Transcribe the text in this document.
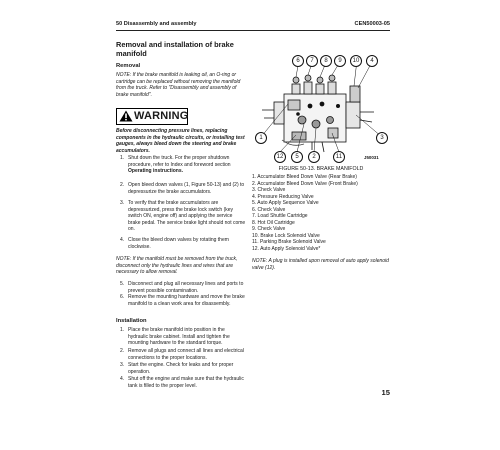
50 Disassembly and assembly	CEN50003-05

Removal and installation of brake manifold

Removal

NOTE: If the brake manifold is leaking oil, an O-ring or cartridge can be replaced without removing the manifold from the truck. Refer to "Disassembly and assembly of brake manifold".

WARNING

Before disconnecting pressure lines, replacing components in the hydraulic circuits, or installing test gauges, always bleed down the steering and brake accumulators.

1. Shut down the truck. For the proper shutdown procedure, refer to Index and foreword section
Operating instructions.
2. Open bleed down valves (1, Figure 50-13) and (2) to depressurize the brake accumulators.
3. To verify that the brake accumulators are depressurized, press the brake lock switch (key switch ON, engine off) and applying the service brake pedal. The service brake light should not come on.
4. Close the bleed down valves by rotating them clockwise.

NOTE: If the manifold must be removed from the truck, disconnect only the hydraulic lines and wires that are necessary to allow removal.

5. Disconnect and plug all necessary lines and ports to prevent possible contamination.
6. Remove the mounting hardware and move the brake manifold to a clean work area for disassembly.

Installation

1. Place the brake manifold into position in the hydraulic brake cabinet. Install and tighten the mounting hardware to the standard torque.
2. Remove all plugs and connect all lines and electrical connections to the proper locations.
3. Start the engine. Check for leaks and for proper operation.
4. Shut off the engine and make sure that the hydraulic tank is filled to the proper level.
6	7	8	9	10	4
1	3
12	5	2	11	J50031
FIGURE 50-13. BRAKE MANIFOLD
1. Accumulator Bleed Down Valve (Rear Brake)
2. Accumulator Bleed Down Valve (Front Brake)
3. Check Valve
4. Pressure Reducing Valve
5. Auto Apply Sequence Valve
6. Check Valve
7. Load Shuttle Cartridge
8. Hot Oil Cartridge
9. Check Valve
10. Brake Lock Solenoid Valve
11. Parking Brake Solenoid Valve
12. Auto Apply Solenoid Valve*

NOTE: A plug is installed upon removal of auto apply solenoid valve (12).

15
